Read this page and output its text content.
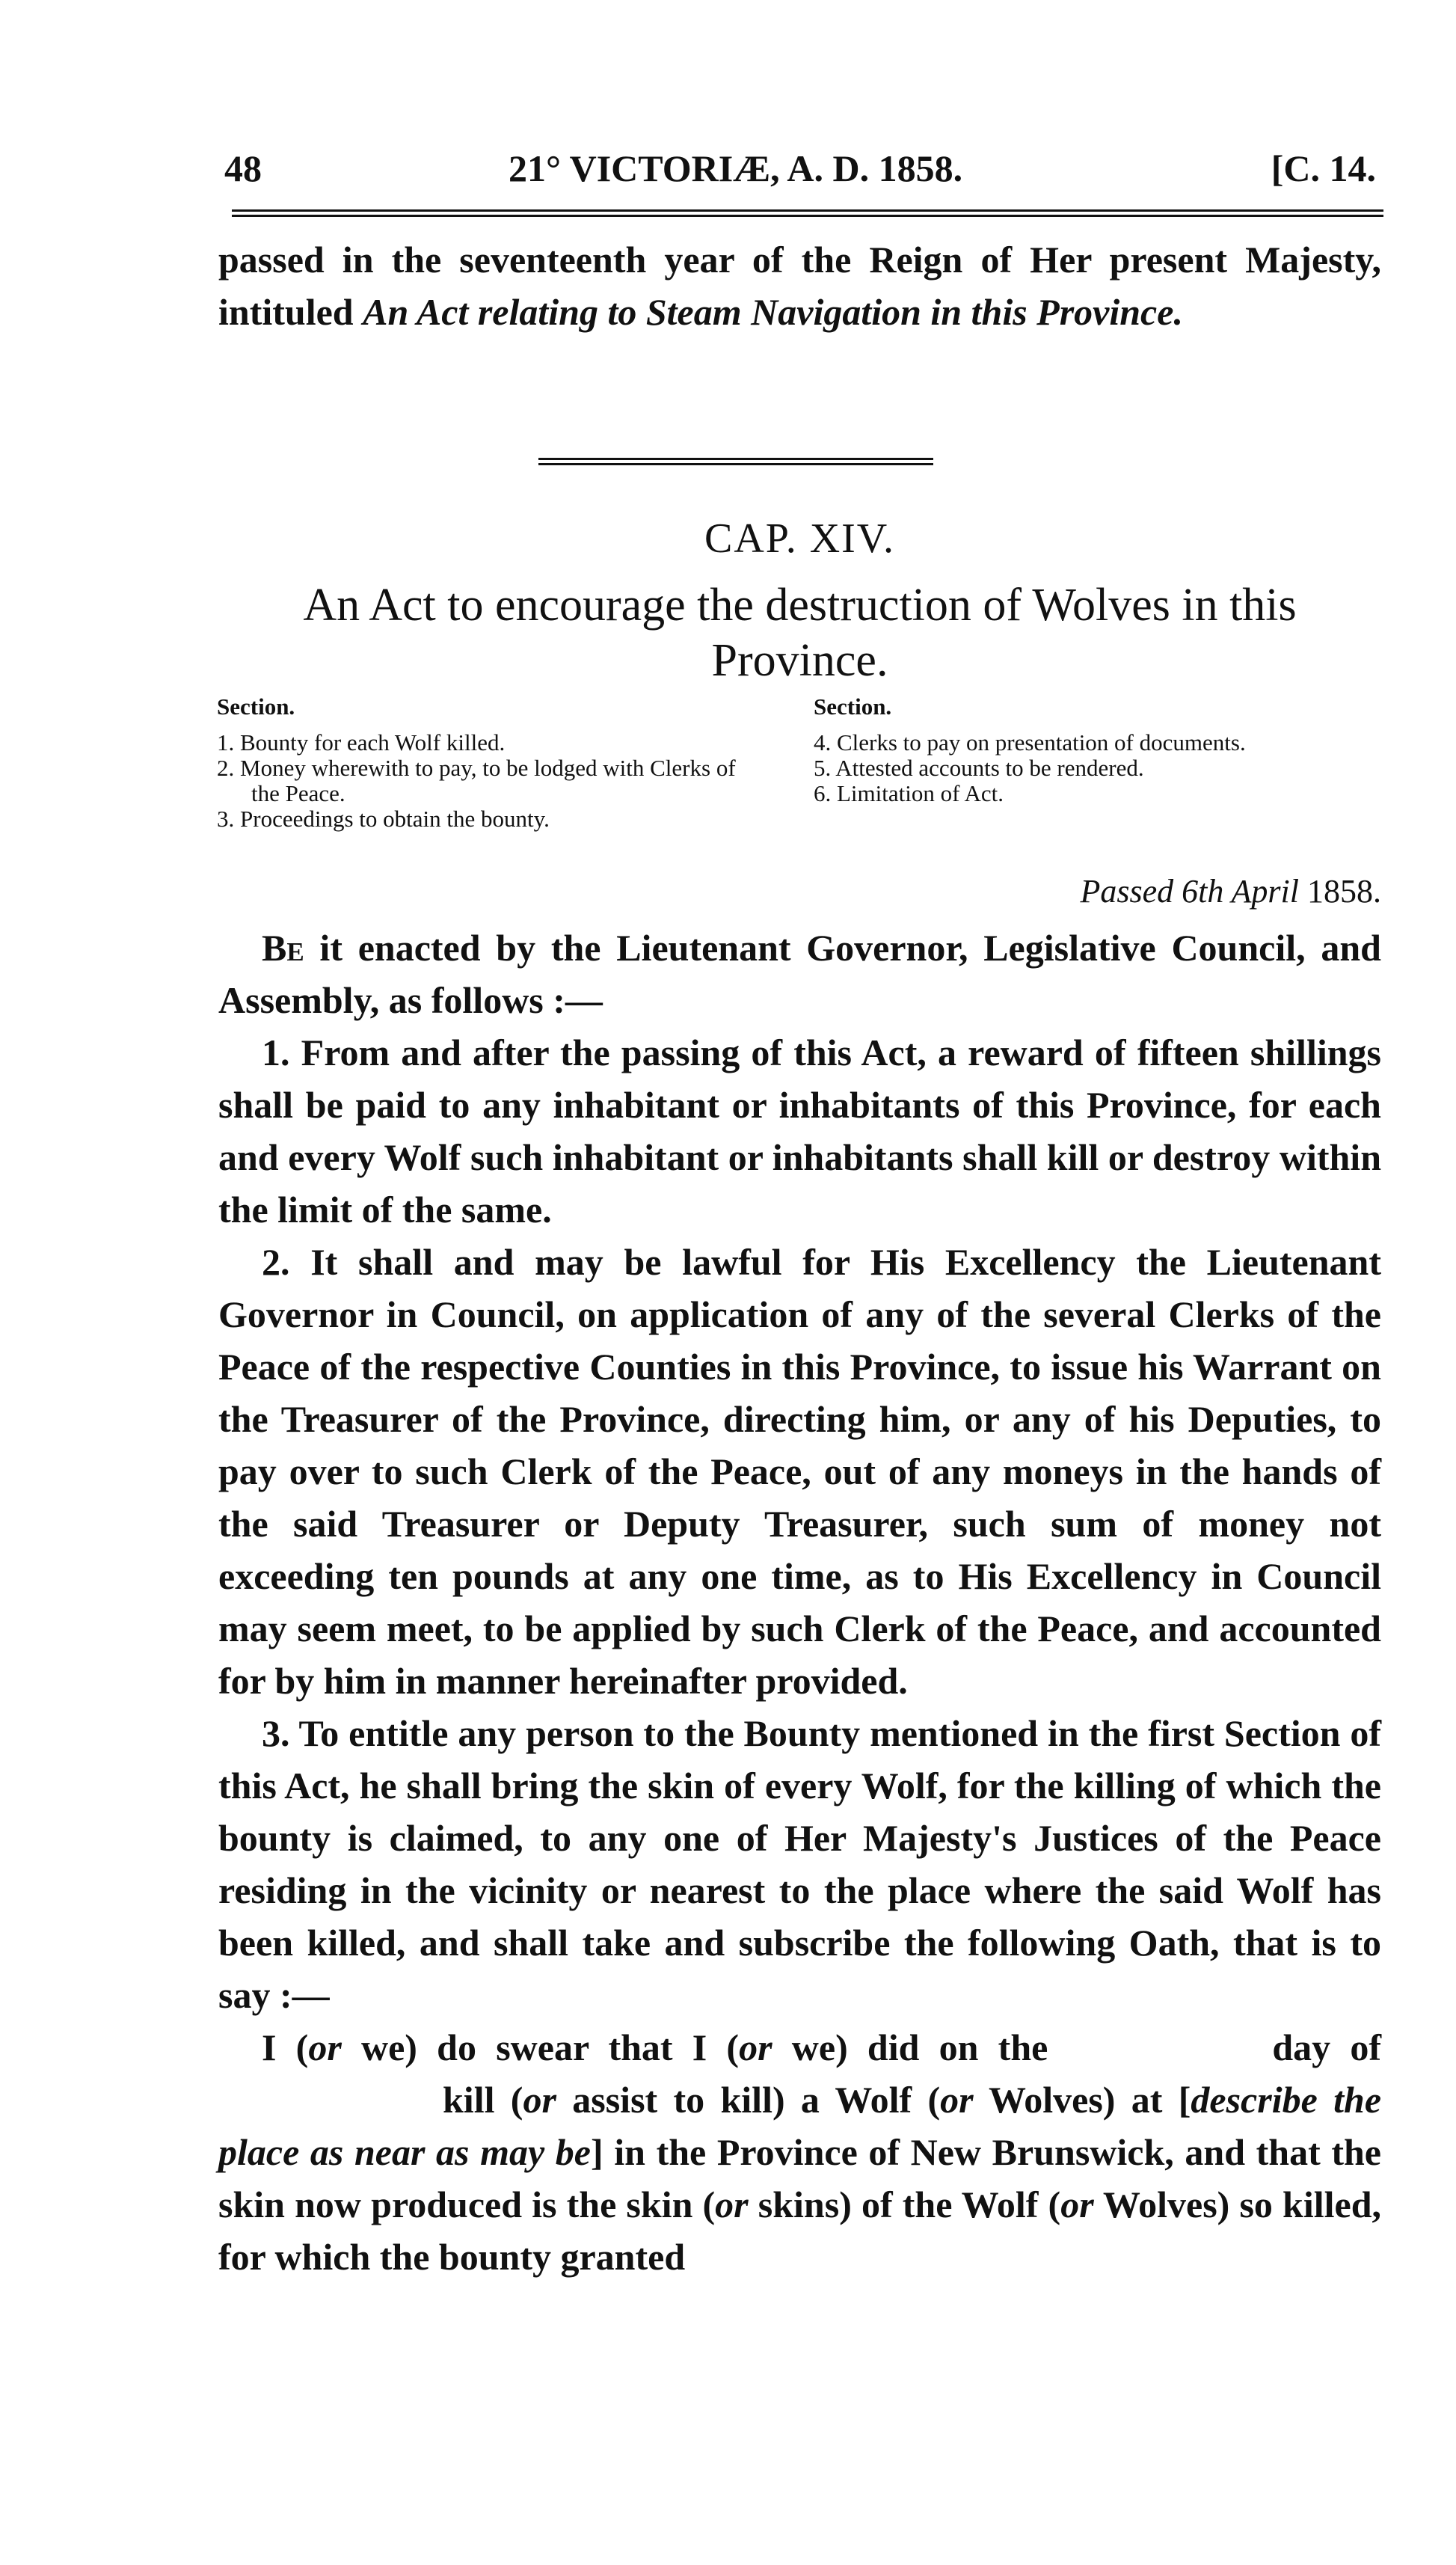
48	21° VICTORIÆ, A. D. 1858.	[C. 14.
passed in the seventeenth year of the Reign of Her present Majesty, intituled An Act relating to Steam Navigation in this Province.
CAP. XIV.
An Act to encourage the destruction of Wolves in this Province.
Section.
1. Bounty for each Wolf killed.
2. Money wherewith to pay, to be lodged with Clerks of the Peace.
3. Proceedings to obtain the bounty.
Section.
4. Clerks to pay on presentation of documents.
5. Attested accounts to be rendered.
6. Limitation of Act.
Passed 6th April 1858.

Be it enacted by the Lieutenant Governor, Legislative Council, and Assembly, as follows :—

1. From and after the passing of this Act, a reward of fifteen shillings shall be paid to any inhabitant or inhabitants of this Province, for each and every Wolf such inhabitant or inhabitants shall kill or destroy within the limit of the same.

2. It shall and may be lawful for His Excellency the Lieutenant Governor in Council, on application of any of the several Clerks of the Peace of the respective Counties in this Province, to issue his Warrant on the Treasurer of the Province, directing him, or any of his Deputies, to pay over to such Clerk of the Peace, out of any moneys in the hands of the said Treasurer or Deputy Treasurer, such sum of money not exceeding ten pounds at any one time, as to His Excellency in Council may seem meet, to be applied by such Clerk of the Peace, and accounted for by him in manner hereinafter provided.

3. To entitle any person to the Bounty mentioned in the first Section of this Act, he shall bring the skin of every Wolf, for the killing of which the bounty is claimed, to any one of Her Majesty's Justices of the Peace residing in the vicinity or nearest to the place where the said Wolf has been killed, and shall take and subscribe the following Oath, that is to say :—

I (or we) do swear that I (or we) did on the	day ofkill (or assist to kill) a Wolf (or Wolves) at [describe the place as near as may be] in the Province of New Brunswick, and that the skin now produced is the skin (or skins) of the Wolf (or Wolves) so killed, for which the bounty granted
